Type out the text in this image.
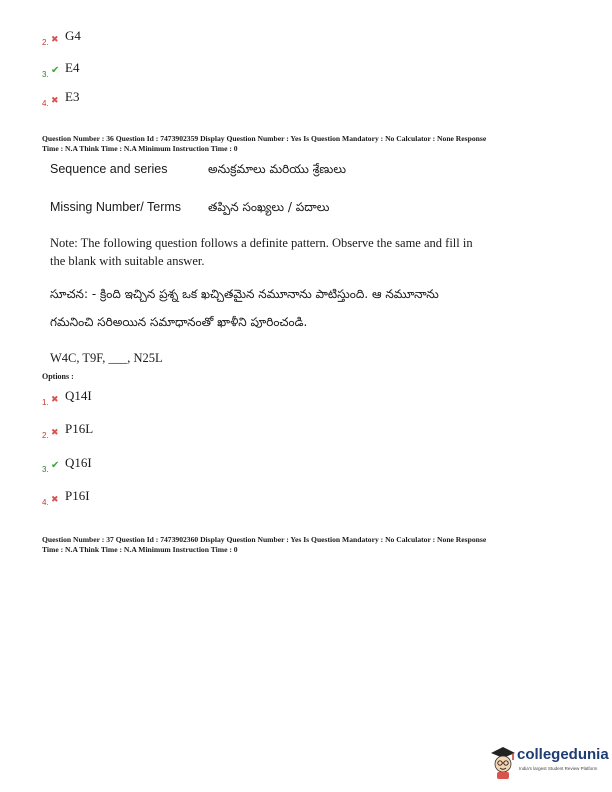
2. ✖ G4
3. ✔ E4
4. ✖ E3
Question Number : 36 Question Id : 7473902359 Display Question Number : Yes Is Question Mandatory : No Calculator : None Response
Time : N.A Think Time : N.A Minimum Instruction Time : 0
Sequence and series	అనుక్రమాలు మరియు శ్రేణులు
Missing Number/ Terms తప్పిన సంఖ్యలు / పదాలు
Note: The following question follows a definite pattern. Observe the same and fill in
the blank with suitable answer.
సూచన: - క్రింది ఇచ్చిన ప్రశ్న ఒక ఖచ్చితమైన నమూనాను పాటిస్తుంది. ఆ నమూనాను
గమనించి సరిఅయిన సమాధానంతో ఖాళీని పూరించండి.
W4C, T9F, ___, N25L
Options :
1. ✖ Q14I
2. ✖ P16L
3. ✔ Q16I
4. ✖ P16I
Question Number : 37 Question Id : 7473902360 Display Question Number : Yes Is Question Mandatory : No Calculator : None Response
Time : N.A Think Time : N.A Minimum Instruction Time : 0
collegedunia
India's largest Student Review Platform
